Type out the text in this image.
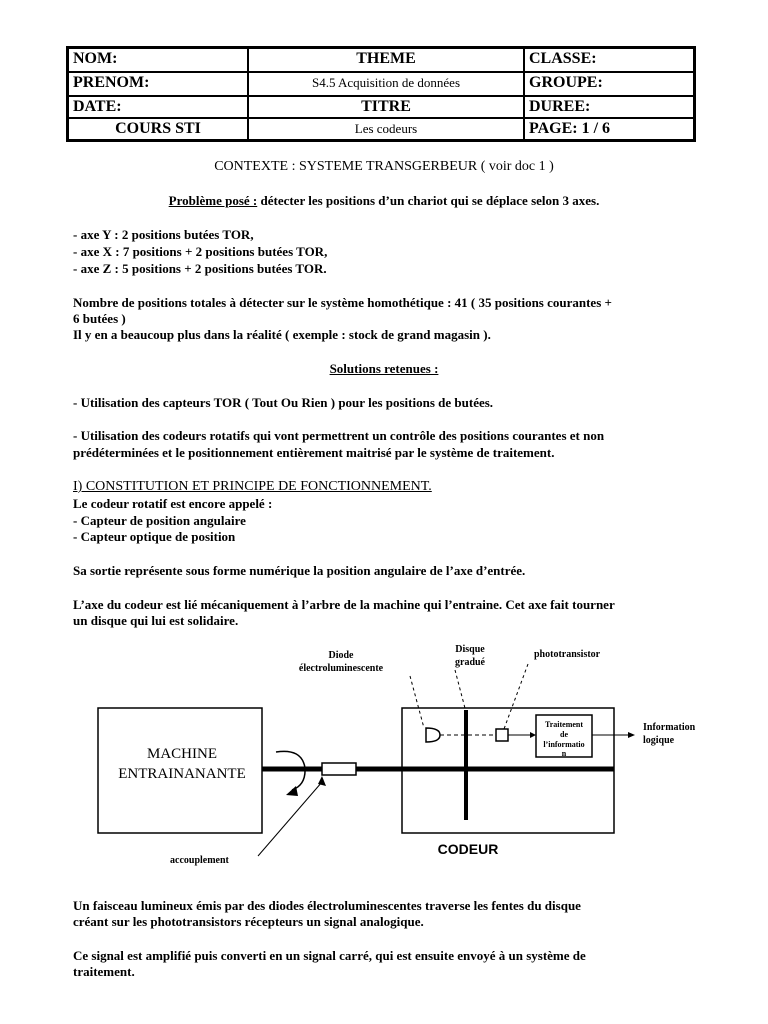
NOM:	THEME	CLASSE:
PRENOM:	S4.5 Acquisition de données	GROUPE:
DATE:	TITRE	DUREE:
COURS STI	Les codeurs	PAGE: 1 / 6
CONTEXTE : SYSTEME TRANSGERBEUR ( voir doc 1 )
Problème posé : détecter les positions d’un chariot qui se déplace selon 3 axes.
- axe Y : 2 positions butées TOR,
- axe X : 7 positions + 2 positions butées TOR,
- axe Z : 5 positions + 2 positions butées TOR.
Nombre de positions totales à détecter sur le système homothétique : 41 ( 35 positions courantes +
6 butées )
Il y en a beaucoup plus dans la réalité ( exemple : stock de grand magasin ).
Solutions retenues :
- Utilisation des capteurs TOR ( Tout Ou Rien ) pour les positions de butées.
- Utilisation des codeurs rotatifs qui vont permettrent un contrôle des positions courantes et non
prédéterminées et le positionnement entièrement maitrisé par le système de traitement.
I) CONSTITUTION ET PRINCIPE DE FONCTIONNEMENT.
Le codeur rotatif est encore appelé :
- Capteur de position angulaire
- Capteur optique de position
Sa sortie représente sous forme numérique la position angulaire de l’axe d’entrée.
L’axe du codeur est lié mécaniquement à l’arbre de la machine qui l’entraine. Cet axe fait tourner
un disque qui lui est solidaire.
MACHINE
ENTRAINANANTE
Traitement
de
l’informatio
n
Information
logique
Diode
électroluminescente
Disque
gradué
phototransistor
accouplement
CODEUR
Un faisceau lumineux émis par des diodes électroluminescentes traverse les fentes du disque
créant sur les phototransistors récepteurs un signal analogique.
Ce signal est amplifié puis converti en un signal carré, qui est ensuite envoyé à un système de
traitement.
